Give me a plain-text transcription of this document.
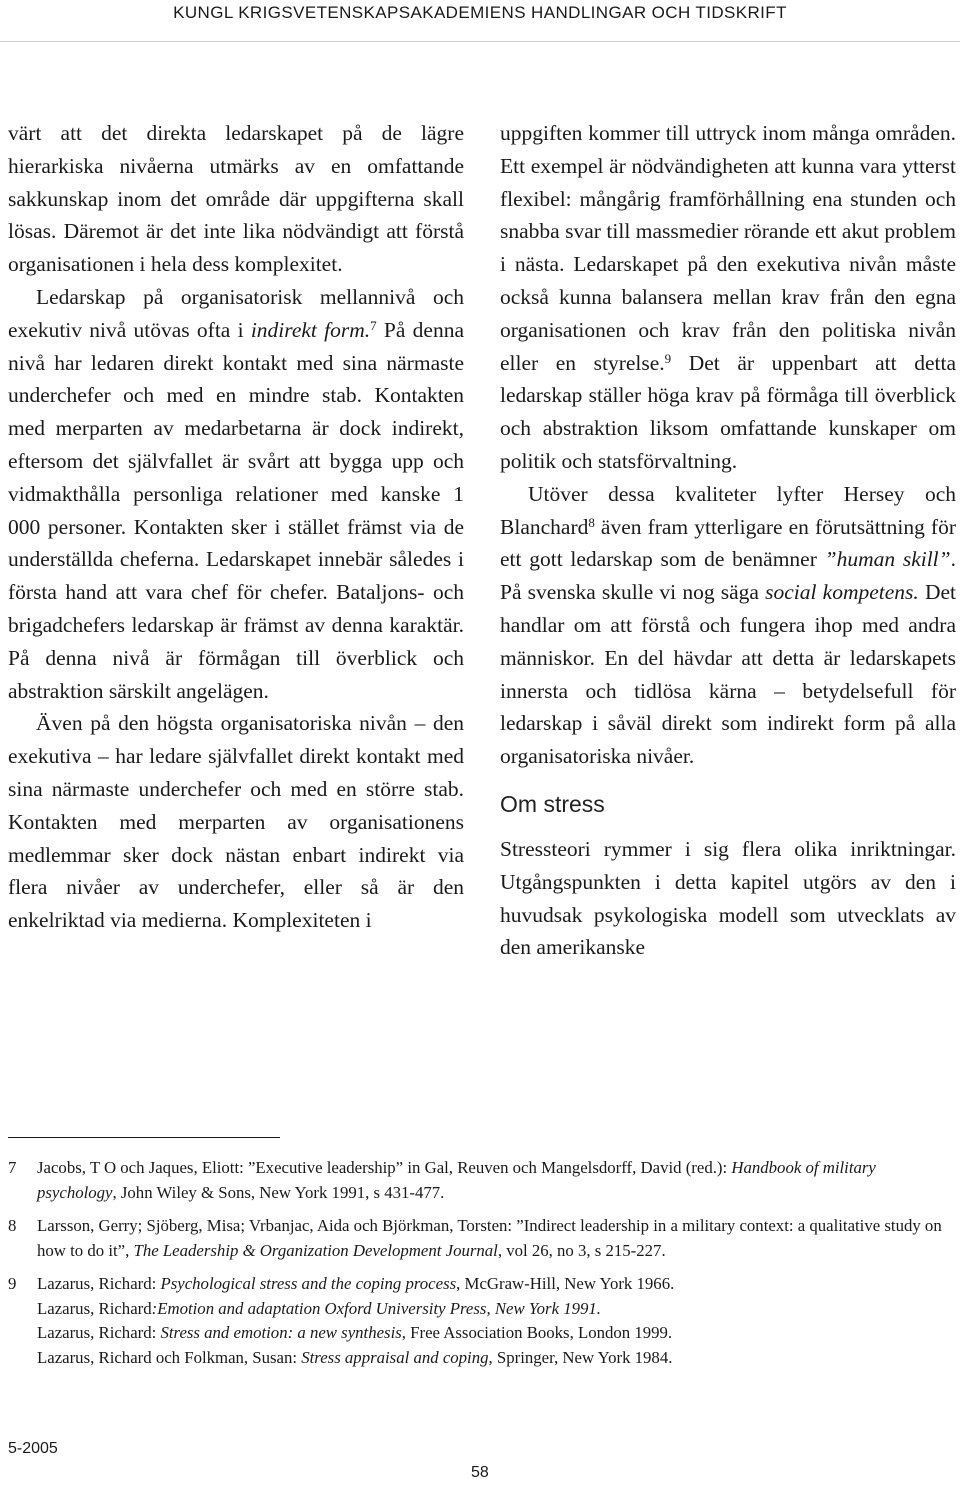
KUNGL KRIGSVETENSKAPSAKADEMIENS HANDLINGAR OCH TIDSKRIFT

värt att det direkta ledarskapet på de lägre hierarkiska nivåerna utmärks av en omfattande sakkunskap inom det område där uppgifterna skall lösas. Däremot är det inte lika nödvändigt att förstå organisationen i hela dess komplexitet.

Ledarskap på organisatorisk mellannivå och exekutiv nivå utövas ofta i indirekt form.$^7$ På denna nivå har ledaren direkt kontakt med sina närmaste underchefer och med en mindre stab. Kontakten med merparten av medarbetarna är dock indirekt, eftersom det självfallet är svårt att bygga upp och vidmakthålla personliga relationer med kanske 1 000 personer. Kontakten sker i stället främst via de underställda cheferna. Ledarskapet innebär således i första hand att vara chef för chefer. Bataljons- och brigadchefers ledarskap är främst av denna karaktär. På denna nivå är förmågan till överblick och abstraktion särskilt angelägen.

Även på den högsta organisatoriska nivån – den exekutiva – har ledare självfallet direkt kontakt med sina närmaste underchefer och med en större stab. Kontakten med merparten av organisationens medlemmar sker dock nästan enbart indirekt via flera nivåer av underchefer, eller så är den enkelriktad via medierna. Komplexiteten i

uppgiften kommer till uttryck inom många områden. Ett exempel är nödvändigheten att kunna vara ytterst flexibel: mångårig framförhållning ena stunden och snabba svar till massmedier rörande ett akut problem i nästa. Ledarskapet på den exekutiva nivån måste också kunna balansera mellan krav från den egna organisationen och krav från den politiska nivån eller en styrelse.$^9$ Det är uppenbart att detta ledarskap ställer höga krav på förmåga till överblick och abstraktion liksom omfattande kunskaper om politik och statsförvaltning.

Utöver dessa kvaliteter lyfter Hersey och Blanchard$^8$ även fram ytterligare en förutsättning för ett gott ledarskap som de benämner ”human skill”. På svenska skulle vi nog säga social kompetens. Det handlar om att förstå och fungera ihop med andra människor. En del hävdar att detta är ledarskapets innersta och tidlösa kärna – betydelsefull för ledarskap i såväl direkt som indirekt form på alla organisatoriska nivåer.

Om stress

Stressteori rymmer i sig flera olika inriktningar. Utgångspunkten i detta kapitel utgörs av den i huvudsak psykologiska modell som utvecklats av den amerikanske

7 Jacobs, T O och Jaques, Eliott: ”Executive leadership” in Gal, Reuven och Mangelsdorff, David (red.): Handbook of military psychology, John Wiley & Sons, New York 1991, s 431-477.
8 Larsson, Gerry; Sjöberg, Misa; Vrbanjac, Aida och Björkman, Torsten: ”Indirect leadership in a military context: a qualitative study on how to do it”, The Leadership & Organization Development Journal, vol 26, no 3, s 215-227.
9 Lazarus, Richard: Psychological stress and the coping process, McGraw-Hill, New York 1966.
Lazarus, Richard:Emotion and adaptation Oxford University Press, New York 1991.
Lazarus, Richard: Stress and emotion: a new synthesis, Free Association Books, London 1999.
Lazarus, Richard och Folkman, Susan: Stress appraisal and coping, Springer, New York 1984.
5-2005
58
